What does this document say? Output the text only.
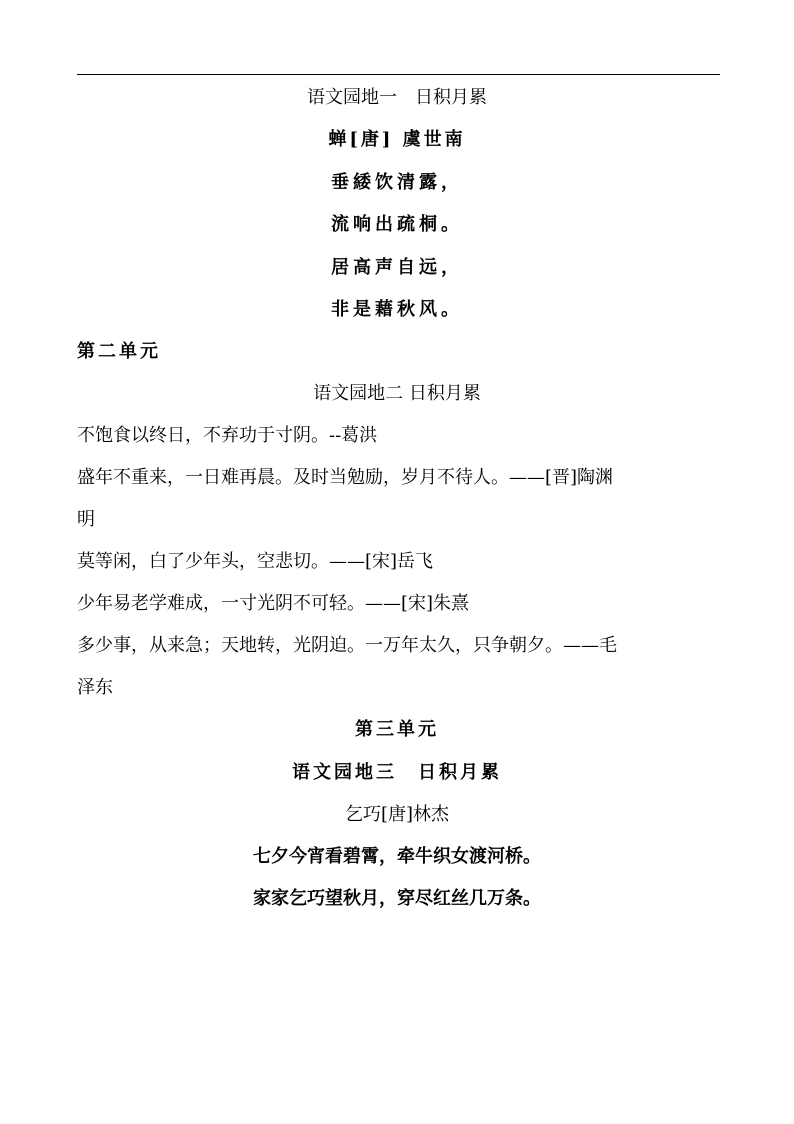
语文园地一　日积月累
蝉[唐] 虞世南
垂緌饮清露，
流响出疏桐。
居高声自远，
非是藉秋风。
第二单元
语文园地二 日积月累
不饱食以终日，不弃功于寸阴。--葛洪
盛年不重来，一日难再晨。及时当勉励，岁月不待人。——[晋]陶渊
明
莫等闲，白了少年头，空悲切。——[宋]岳飞
少年易老学难成，一寸光阴不可轻。——[宋]朱熹
多少事，从来急；天地转，光阴迫。一万年太久，只争朝夕。——毛
泽东
第三单元
语文园地三　日积月累
乞巧[唐]林杰
七夕今宵看碧霄，牵牛织女渡河桥。
家家乞巧望秋月，穿尽红丝几万条。
